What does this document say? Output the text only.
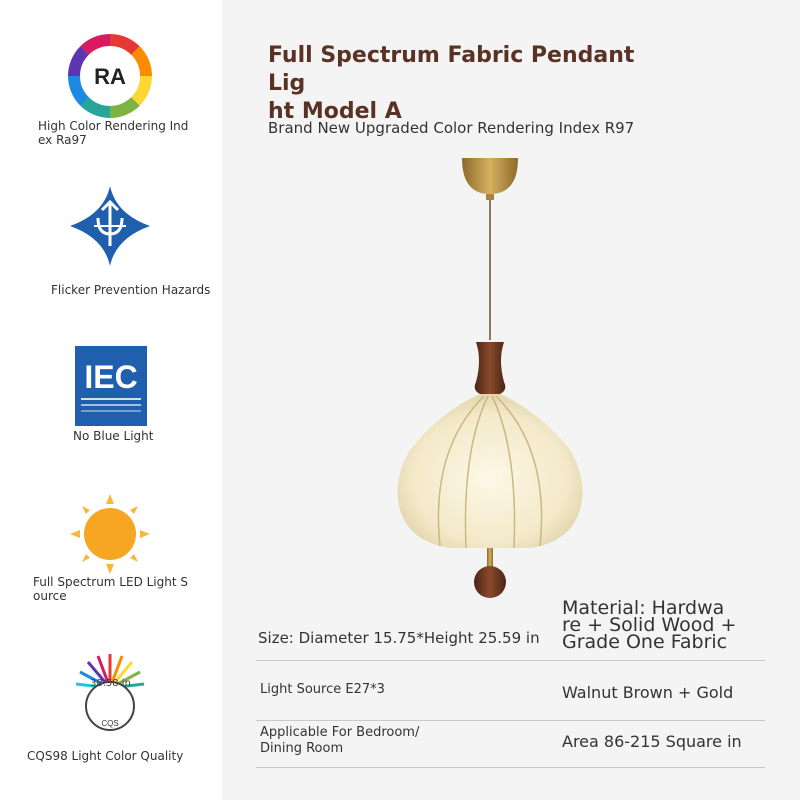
RA
High Color Rendering Ind
ex Ra97
Flicker Prevention Hazards
IEC
No Blue Light
Full Spectrum LED Light S
ource
CQS
38.58 in
CQS98 Light Color Quality
Full Spectrum Fabric Pendant Lig
ht Model A
Brand New Upgraded Color Rendering Index R97
Size: Diameter 15.75*Height 25.59 in
Material: Hardwa
re + Solid Wood +
Grade One Fabric
Light Source E27*3	Walnut Brown + Gold
Applicable For Bedroom/
Dining Room	Area 86-215 Square in
